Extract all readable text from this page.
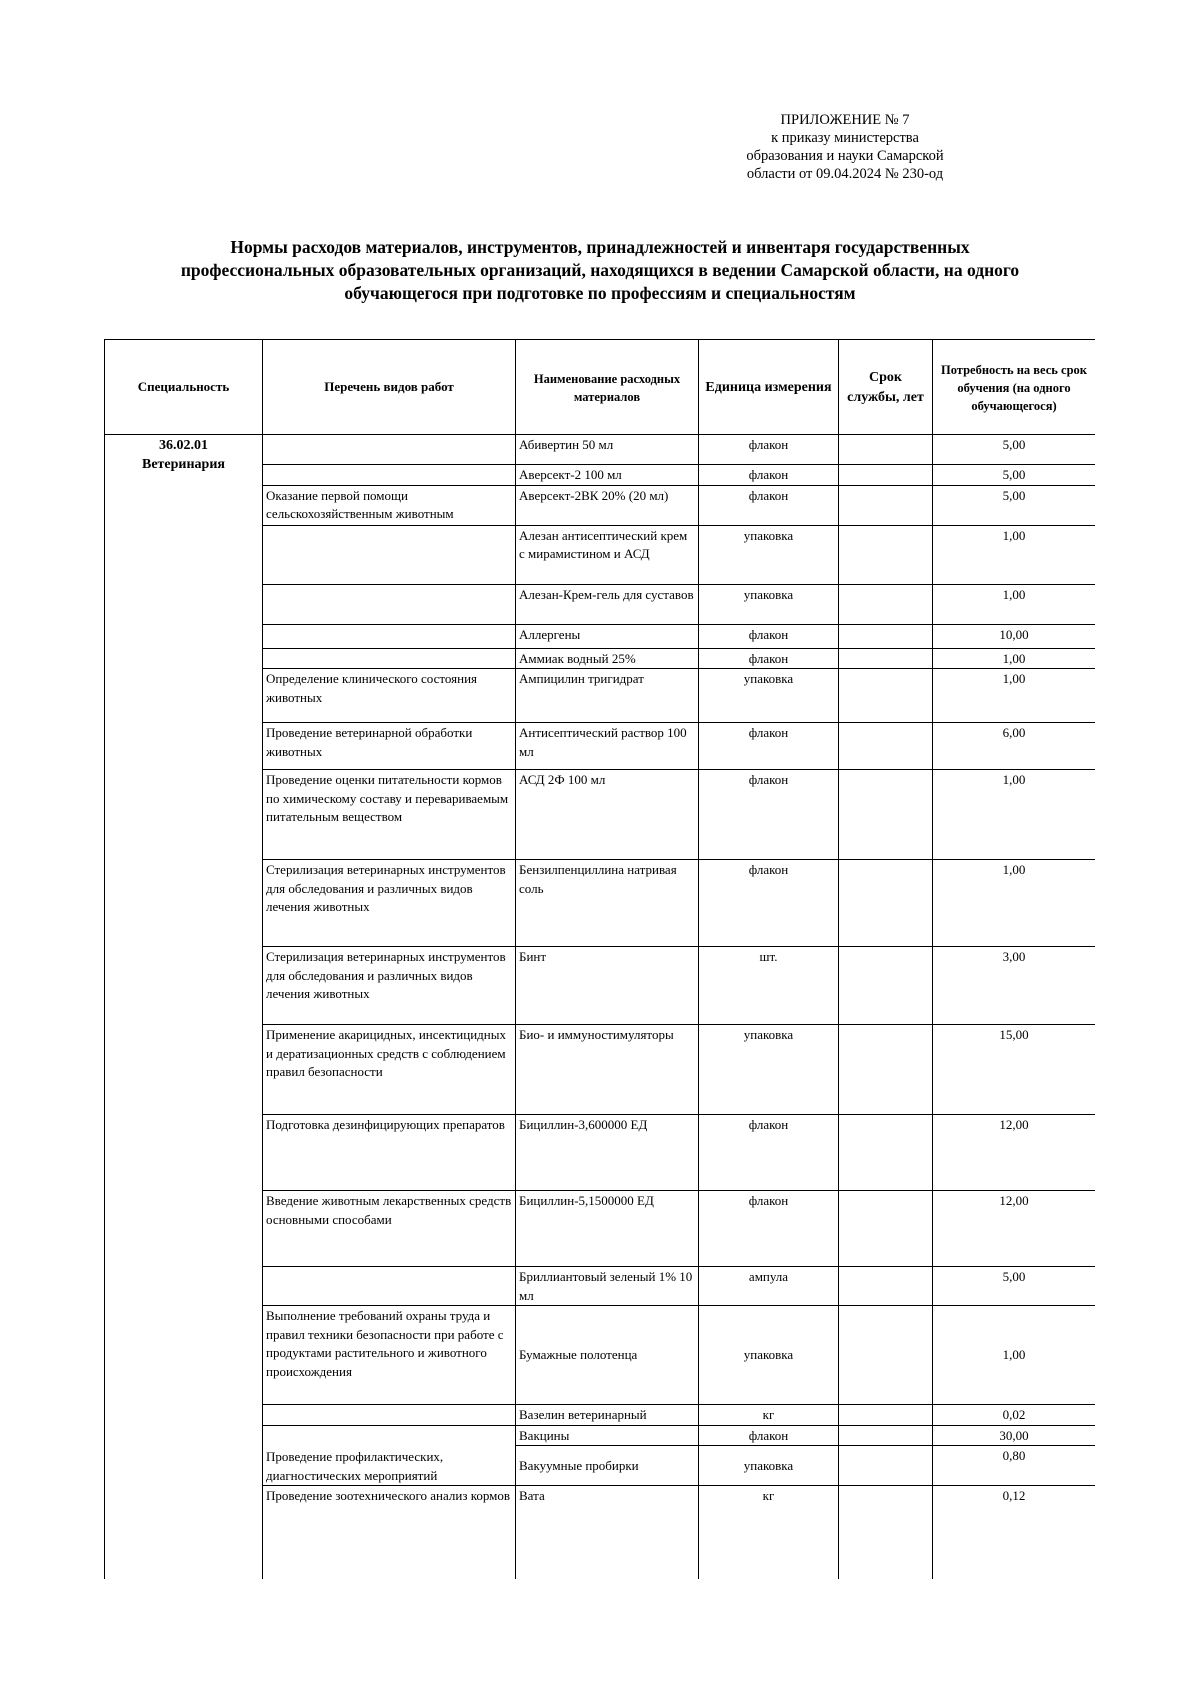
ПРИЛОЖЕНИЕ № 7
к приказу министерства
образования и науки Самарской
области от 09.04.2024 № 230-од
Нормы расходов материалов, инструментов, принадлежностей и инвентаря государственных
профессиональных образовательных организаций, находящихся в ведении Самарской области, на одного
обучающегося при подготовке по профессиям и специальностям
Специальность	Перечень видов работ	Наименование расходных материалов	Единица измерения	Срок службы, лет	Потребность на весь срок обучения (на одного обучающегося)

36.02.01
Ветеринария		Абивертин 50 мл	флакон		5,00
		Аверсект-2 100 мл	флакон		5,00
	Оказание первой помощи сельскохозяйственным животным	Аверсект-2ВК 20% (20 мл)	флакон		5,00
		Алезан антисептический крем с мирамистином и АСД	упаковка		1,00
		Алезан-Крем-гель для суставов	упаковка		1,00
		Аллергены	флакон		10,00
		Аммиак водный 25%	флакон		1,00
	Определение клинического состояния животных	Ампицилин тригидрат	упаковка		1,00
	Проведение ветеринарной обработки животных	Антисептический раствор 100 мл	флакон		6,00
	Проведение оценки питательности кормов по химическому составу и перевариваемым питательным веществом	АСД 2Ф 100 мл	флакон		1,00
	Стерилизация ветеринарных инструментов для обследования и различных видов лечения животных	Бензилпенциллина натривая соль	флакон		1,00
	Стерилизация ветеринарных инструментов для обследования и различных видов лечения животных	Бинт	шт.		3,00
	Применение акарицидных, инсектицидных и дератизационных средств с соблюдением правил безопасности	Био- и иммуностимуляторы	упаковка		15,00
	Подготовка дезинфицирующих препаратов	Бициллин-3,600000 ЕД	флакон		12,00
	Введение животным лекарственных средств основными способами	Бициллин-5,1500000 ЕД	флакон		12,00
		Бриллиантовый зеленый 1% 10 мл	ампула		5,00
	Выполнение требований охраны труда и правил техники безопасности при работе с продуктами растительного и животного происхождения	Бумажные полотенца	упаковка		1,00
		Вазелин ветеринарный	кг		0,02
	Проведение профилактических, диагностических мероприятий	Вакцины	флакон		30,00
		Вакуумные пробирки	упаковка		0,80
	Проведение зоотехнического анализ кормов	Вата	кг		0,12
